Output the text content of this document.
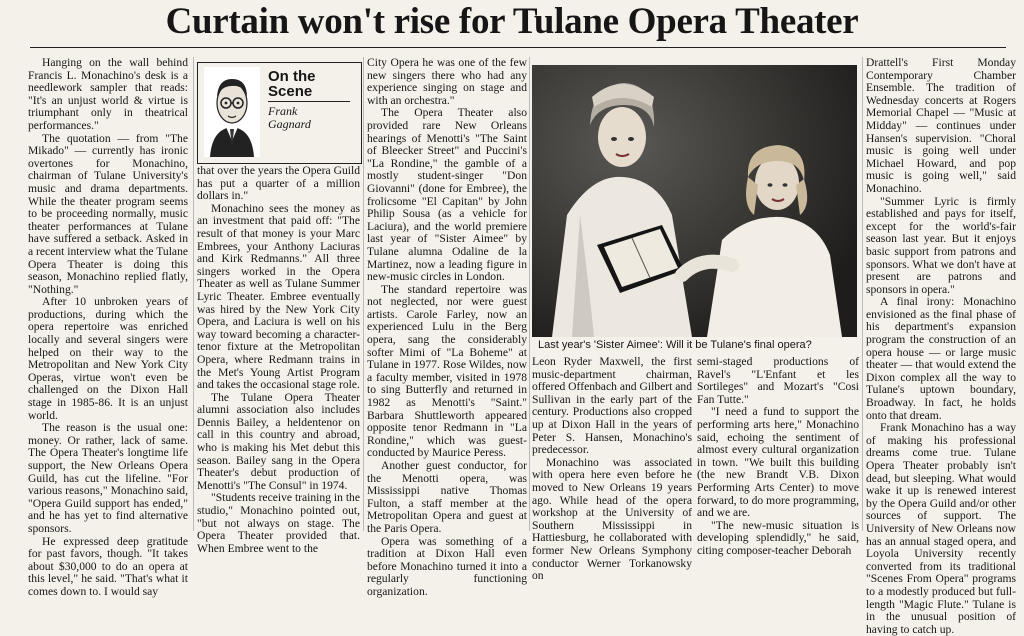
Curtain won't rise for Tulane Opera Theater

Hanging on the wall behind Francis L. Monachino's desk is a needlework sampler that reads: "It's an unjust world & virtue is triumphant only in theatrical performances."

The quotation — from "The Mikado" — currently has ironic overtones for Monachino, chairman of Tulane University's music and drama departments. While the theater program seems to be proceeding normally, music theater performances at Tulane have suffered a setback. Asked in a recent interview what the Tulane Opera Theater is doing this season, Monachino replied flatly, "Nothing."

After 10 unbroken years of productions, during which the opera repertoire was enriched locally and several singers were helped on their way to the Metropolitan and New York City Operas, virtue won't even be challenged on the Dixon Hall stage in 1985-86. It is an unjust world.

The reason is the usual one: money. Or rather, lack of same. The Opera Theater's longtime life support, the New Orleans Opera Guild, has cut the lifeline. "For various reasons," Monachino said, "Opera Guild support has ended," and he has yet to find alternative sponsors.

He expressed deep gratitude for past favors, though. "It takes about $30,000 to do an opera at this level," he said. "That's what it comes down to. I would say

On the
Scene
Frank
Gagnard

that over the years the Opera Guild has put a quarter of a million dollars in."

Monachino sees the money as an investment that paid off: "The result of that money is your Marc Embrees, your Anthony Laciuras and Kirk Redmanns." All three singers worked in the Opera Theater as well as Tulane Summer Lyric Theater. Embree eventually was hired by the New York City Opera, and Laciura is well on his way toward becoming a character-tenor fixture at the Metropolitan Opera, where Redmann trains in the Met's Young Artist Program and takes the occasional stage role.

The Tulane Opera Theater alumni association also includes Dennis Bailey, a heldentenor on call in this country and abroad, who is making his Met debut this season. Bailey sang in the Opera Theater's debut production of Menotti's "The Consul" in 1974.

"Students receive training in the studio," Monachino pointed out, "but not always on stage. The Opera Theater provided that. When Embree went to the

City Opera he was one of the few new singers there who had any experience singing on stage and with an orchestra."

The Opera Theater also provided rare New Orleans hearings of Menotti's "The Saint of Bleecker Street" and Puccini's "La Rondine," the gamble of a mostly student-singer "Don Giovanni" (done for Embree), the frolicsome "El Capitan" by John Philip Sousa (as a vehicle for Laciura), and the world premiere last year of "Sister Aimee" by Tulane alumna Odaline de la Martinez, now a leading figure in new-music circles in London.

The standard repertoire was not neglected, nor were guest artists. Carole Farley, now an experienced Lulu in the Berg opera, sang the considerably softer Mimi of "La Boheme" at Tulane in 1977. Rose Wildes, now a faculty member, visited in 1978 to sing Butterfly and returned in 1982 as Menotti's "Saint." Barbara Shuttleworth appeared opposite tenor Redmann in "La Rondine," which was guest-conducted by Maurice Peress.

Another guest conductor, for the Menotti opera, was Mississippi native Thomas Fulton, a staff member at the Metropolitan Opera and guest at the Paris Opera.

Opera was something of a tradition at Dixon Hall even before Monachino turned it into a regularly functioning organization.

Last year's 'Sister Aimee': Will it be Tulane's final opera?

Leon Ryder Maxwell, the first music-department chairman, offered Offenbach and Gilbert and Sullivan in the early part of the century. Productions also cropped up at Dixon Hall in the years of Peter S. Hansen, Monachino's predecessor.

Monachino was associated with opera here even before he moved to New Orleans 19 years ago. While head of the opera workshop at the University of Southern Mississippi in Hattiesburg, he collaborated with former New Orleans Symphony conductor Werner Torkanowsky on

semi-staged productions of Ravel's "L'Enfant et les Sortileges" and Mozart's "Cosi Fan Tutte."

"I need a fund to support the performing arts here," Monachino said, echoing the sentiment of almost every cultural organization in town. "We built this building (the new Brandt V.B. Dixon Performing Arts Center) to move forward, to do more programming, and we are.

"The new-music situation is developing splendidly," he said, citing composer-teacher Deborah

Drattell's First Monday Contemporary Chamber Ensemble. The tradition of Wednesday concerts at Rogers Memorial Chapel — "Music at Midday" — continues under Hansen's supervision. "Choral music is going well under Michael Howard, and pop music is going well," said Monachino.

"Summer Lyric is firmly established and pays for itself, except for the world's-fair season last year. But it enjoys basic support from patrons and sponsors. What we don't have at present are patrons and sponsors in opera."

A final irony: Monachino envisioned as the final phase of his department's expansion program the construction of an opera house — or large music theater — that would extend the Dixon complex all the way to Tulane's uptown boundary, Broadway. In fact, he holds onto that dream.

Frank Monachino has a way of making his professional dreams come true. Tulane Opera Theater probably isn't dead, but sleeping. What would wake it up is renewed interest by the Opera Guild and/or other sources of support. The University of New Orleans now has an annual staged opera, and Loyola University recently converted from its traditional "Scenes From Opera" programs to a modestly produced but full-length "Magic Flute." Tulane is in the unusual position of having to catch up.
